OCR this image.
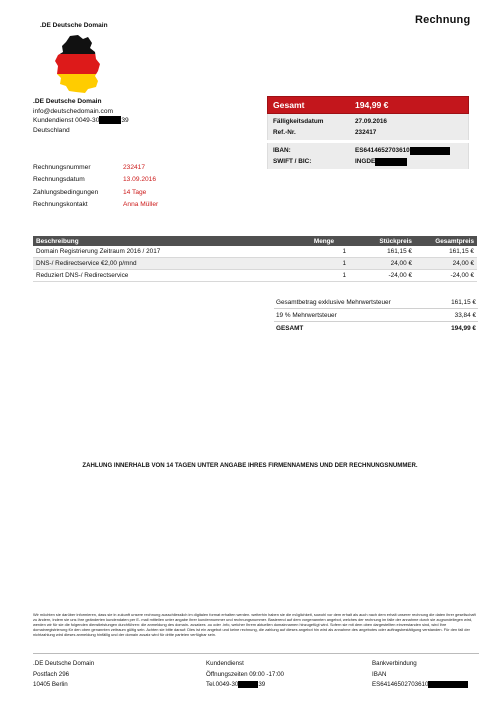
Rechnung
.DE Deutsche Domain
.DE Deutsche Domain
info@deutschedomain.com
Kundendienst 0049-30	39
Deutschland
Rechnungsnummer	232417
Rechnungsdatum	13.09.2016
Zahlungsbedingungen	14 Tage
Rechnungskontakt	Anna Müller
Gesamt	194,99 €
Fälligkeitsdatum	27.09.2016
Ref.-Nr.	232417
IBAN:	ES6414652703610
SWIFT / BIC:	INGDE
Beschreibung	Menge	Stückpreis	Gesamtpreis
Domain Registrierung Zeitraum 2016 / 2017	1	161,15 €	161,15 €
DNS-/ Redirectservice €2,00 p/mnd	1	24,00 €	24,00 €
Reduziert DNS-/ Redirectservice	1	-24,00 €	-24,00 €
Gesamtbetrag exklusive Mehrwertsteuer	161,15 €
19 % Mehrwertsteuer	33,84 €
GESAMT	194,99 €
ZAHLUNG INNERHALB VON 14 TAGEN UNTER ANGABE IHRES FIRMENNAMENS UND DER RECHNUNGSNUMMER.
Wir möchten sie darüber informieren, dass sie in zukunft unsere rechnung ausschliesslich im digitalen format erhalten werden. weiterhin haben sie die möglichkeit, sowohl vor dem erhalt als auch nach dem erhalt unserer rechnung die daten ihrer gesellschaft zu ändern, indem sie uns Ihre geänderten kundendaten per E- mail mitteilen unter angabe ihrer kundennummer und rechnungsnummer. Basierend auf dem vorgenannten angebot, welches der rechnung im falle der annahme durch sie zugrundeliegen wird, werden wir für sie die folgenden dienstleistungen durchführen: die anmeldung des domain- zusatzes .ou oder .info, welcher Ihrem aktuellen domainnamen hinzugefügt wird. Sofern sie mit dem oben dargestellten einverstanden sind, wird Ihre domainregistrierung für den oben genannten zeitraum gültig sein. Achten sie bitte darauf: Dies ist ein angebot und keine rechnung, die zahlung auf dieses angebot hin wird als annahme des angebotes oder auftragsbestätigung verstanden. Für den fall der nichtzahlung wird dieses anmeldung hinfällig und der domain zusatz wird für dritte parteien verfügbar sein.
.DE Deutsche Domain
Postfach 296
10405 Berlin
Kundendienst
Öffnungszeiten 09:00 -17:00
Tel.0049-30	39
Bankverbindung
IBAN
ES64146502703610
